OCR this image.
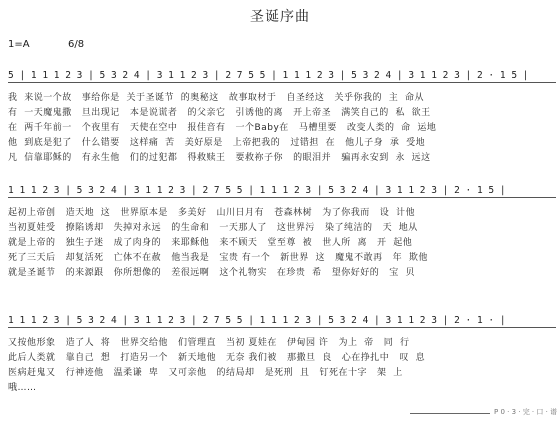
圣诞序曲
1=A	6/8
5 | 1 1 1 2 3 | 5 3 2 4 | 3 1 1 2 3 | 2 7 5 5 | 1 1 1 2 3 | 5 3 2 4 | 3 1 1 2 3 | 2 · 1 5 |
我  来说一个故   事给你是  关于圣诞节  的奥秘这   故事取材于   自圣经这   关乎你我的  主  命从
有  一天魔鬼撒   旦出现记   本是说谎者   的父亲它   引诱他的离   开上帝圣   满笑自己的  私  欲王
在  两千年前一   个夜里有   天使在空中   报佳音有   一个Baby在   马槽里要   改变人类的  命  运地
他  到底是犯了   什么错要   这样痛  苦   美好原是   上帝把我的   过错担  在   他儿子身  承  受地
凡  信靠耶稣的   有永生他   们的过犯都   得救赎王   要救祢子你   的眼泪并   骗再永安到  永  远这
1 1 1 2 3 | 5 3 2 4 | 3 1 1 2 3 | 2 7 5 5 | 1 1 1 2 3 | 5 3 2 4 | 3 1 1 2 3 | 2 · 1 5 |
起初上帝创   造天地  这   世界原本是   多美好   山川日月有   苍森林树   为了你我而   设  计他
当初夏娃受   撩陷诱却   失掉对永远   的生命和   一天那人了   这世界污   染了纯洁的   天  地从
就是上帝的   独生子迷   成了肉身的   来耶稣他   来不顾天   堂至尊  被   世人所  离   开  起他
死了三天后   却复活死   亡体不在赦   他当我是   宝贵 有一个   新世界  这   魔鬼不敢再   年  欺他
就是圣诞节   的来源跟   你所想像的   差很远啊   这个礼物实   在珍贵  希   望你好好的   宝  贝
1 1 1 2 3 | 5 3 2 4 | 3 1 1 2 3 | 2 7 5 5 | 1 1 1 2 3 | 5 3 2 4 | 3 1 1 2 3 | 2 · 1 · |
又按他形象   造了人  将   世界交给他   们管理直   当初 夏娃在   伊甸园 许   为上  帝   同  行
此后人类就   靠自己  想   打造另一个   新天地他   无奈 我们被   那撒旦  良   心在挣扎中   叹  息
医病赶鬼又   行神迹他   温柔谦  卑   又可亲他   的结局却   是死刑  且   钉死在十字   架  上
哦……
P 0 · 3 · 完 · 口 · 谱
